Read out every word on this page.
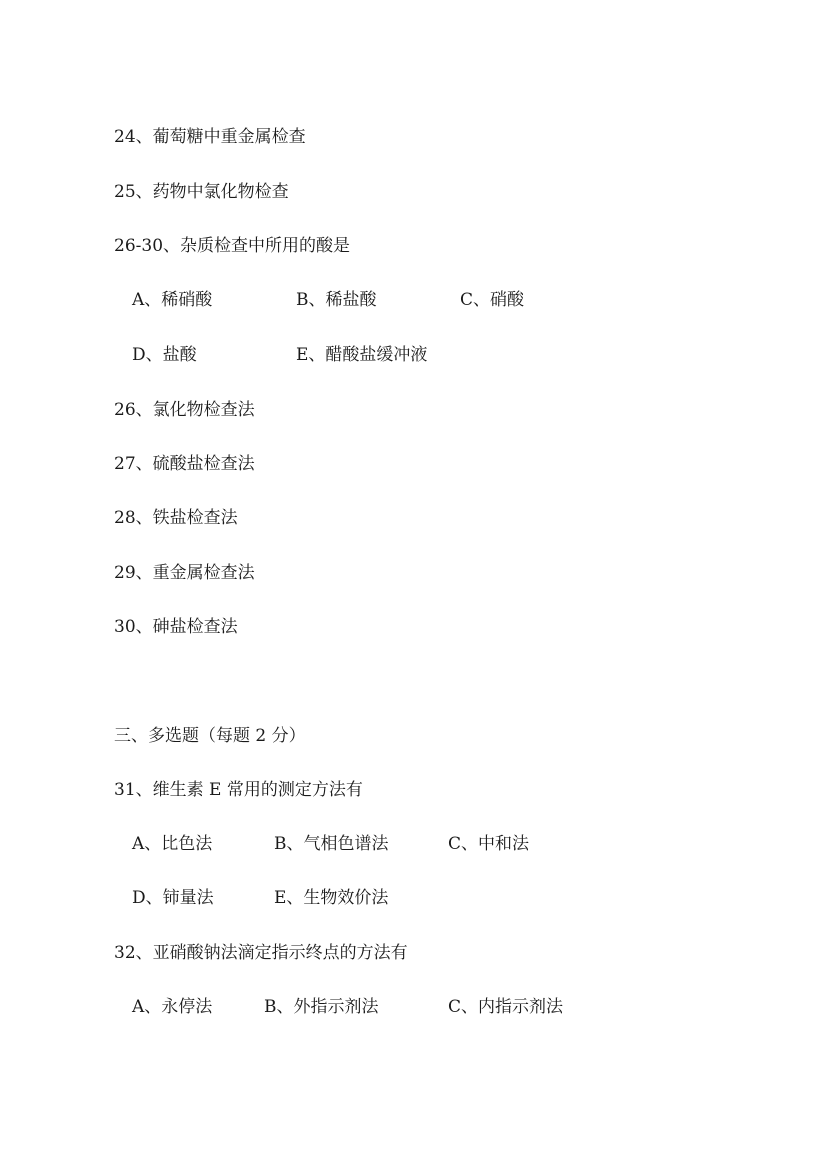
24、葡萄糖中重金属检查
25、药物中氯化物检查
26-30、杂质检查中所用的酸是
A、稀硝酸	B、稀盐酸	C、硝酸
D、盐酸	E、醋酸盐缓冲液
26、氯化物检查法
27、硫酸盐检查法
28、铁盐检查法
29、重金属检查法
30、砷盐检查法
三、多选题（每题 2 分）
31、维生素 E 常用的测定方法有
A、比色法	B、气相色谱法	C、中和法
D、铈量法	E、生物效价法
32、亚硝酸钠法滴定指示终点的方法有
A、永停法	B、外指示剂法	C、内指示剂法
